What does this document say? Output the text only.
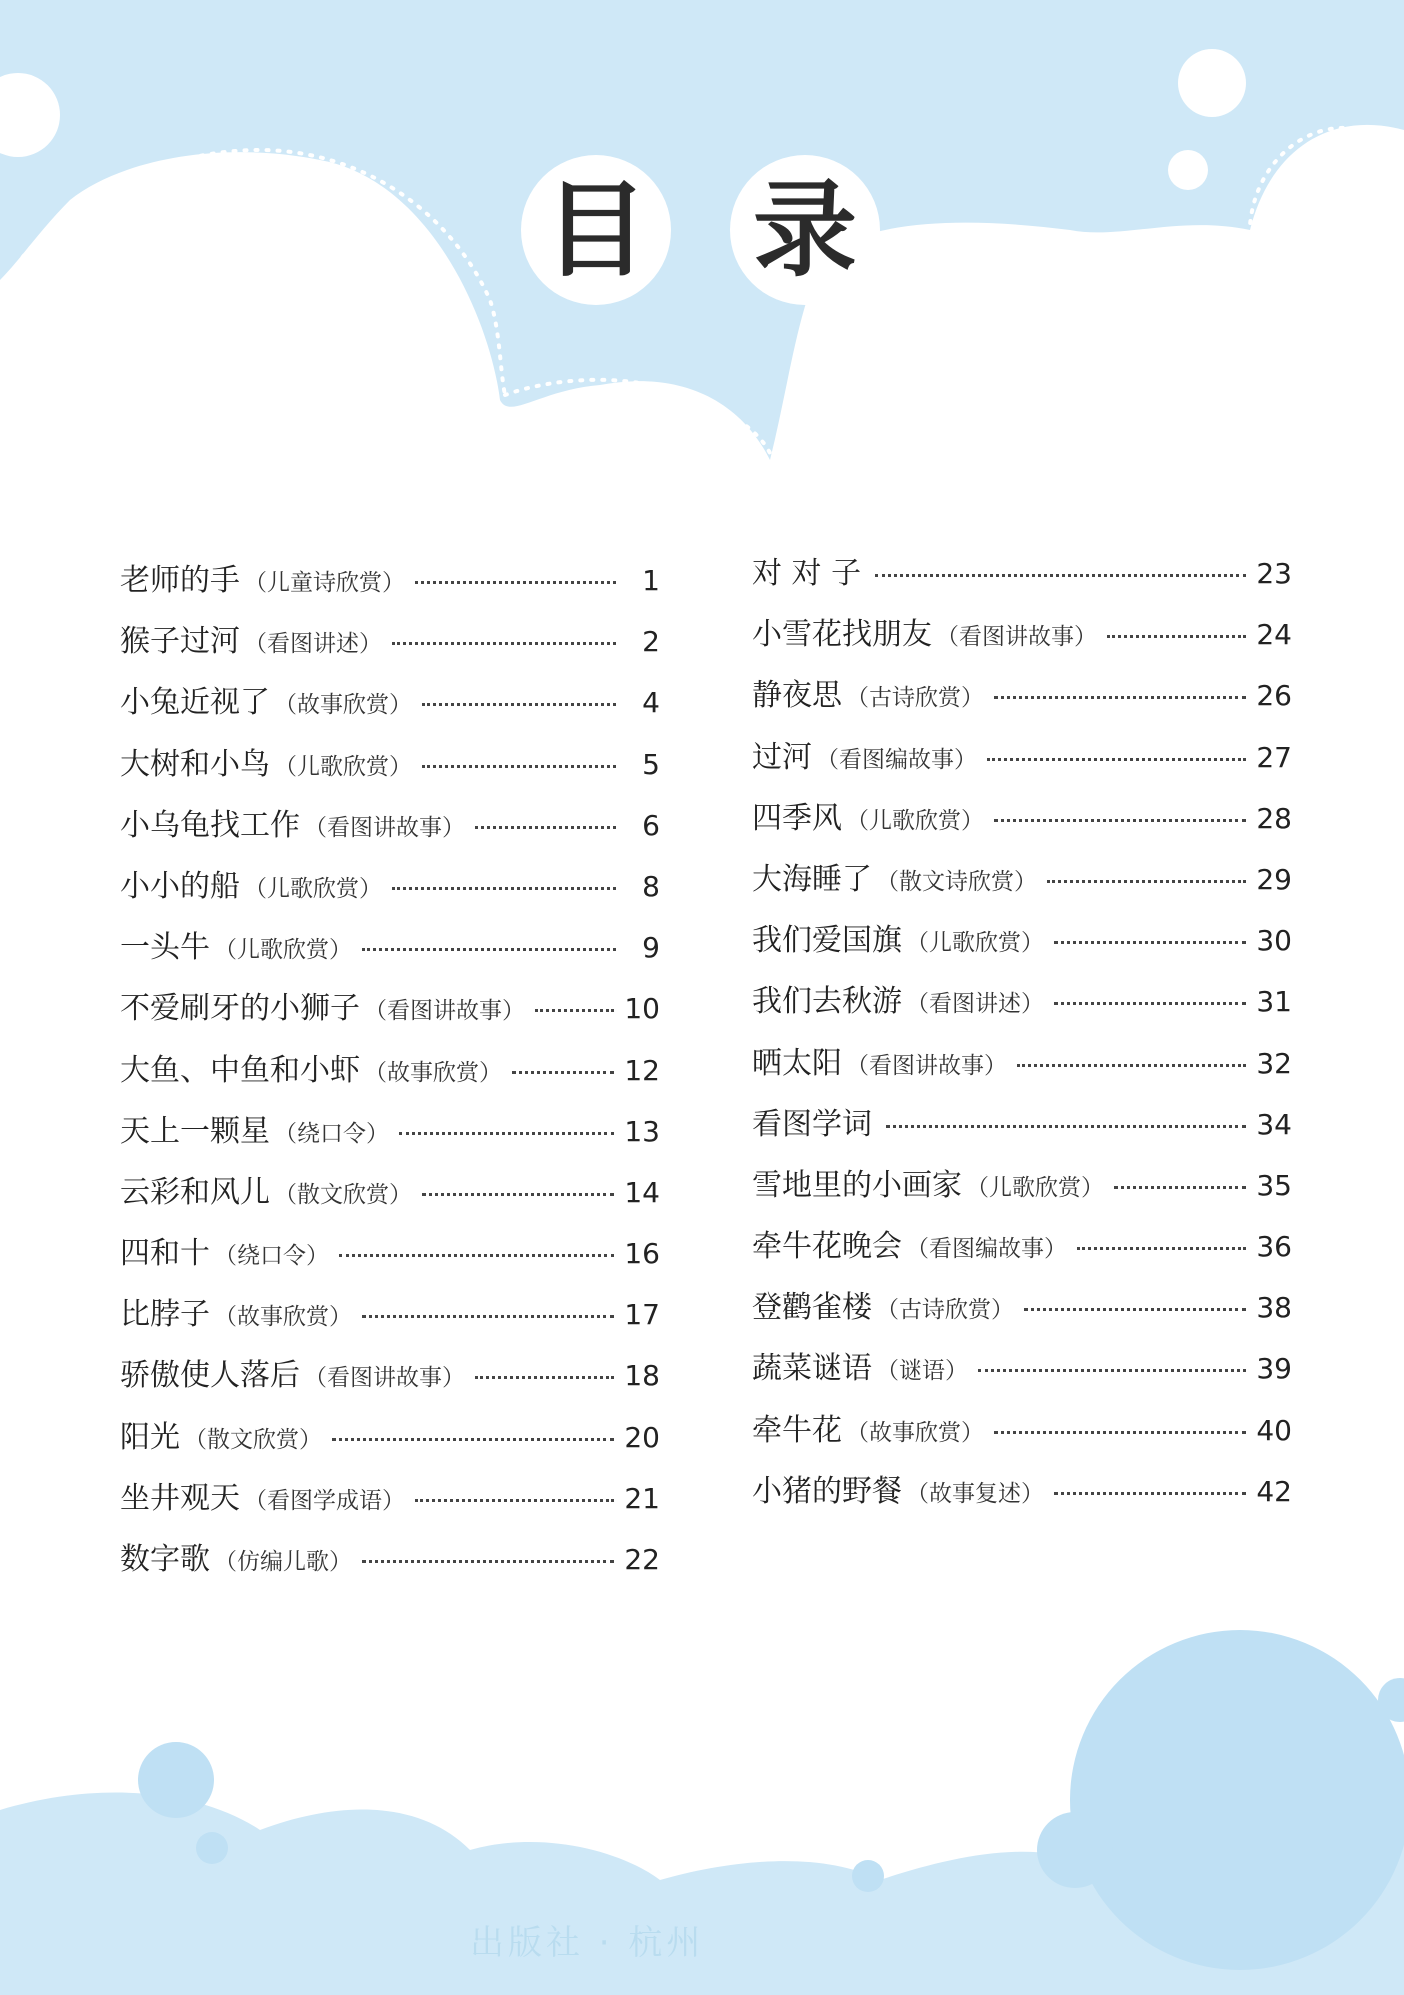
目 录
老师的手 （儿童诗欣赏）	1
猴子过河 （看图讲述）	2
小兔近视了 （故事欣赏）	4
大树和小鸟 （儿歌欣赏）	5
小乌龟找工作 （看图讲故事）	6
小小的船 （儿歌欣赏）	8
一头牛 （儿歌欣赏）	9
不爱刷牙的小狮子 （看图讲故事）	10
大鱼、中鱼和小虾 （故事欣赏）	12
天上一颗星 （绕口令）	13
云彩和风儿 （散文欣赏）	14
四和十 （绕口令）	16
比脖子 （故事欣赏）	17
骄傲使人落后 （看图讲故事）	18
阳光 （散文欣赏）	20
坐井观天 （看图学成语）	21
数字歌 （仿编儿歌）	22
对 对 子	23
小雪花找朋友 （看图讲故事）	24
静夜思 （古诗欣赏）	26
过河 （看图编故事）	27
四季风 （儿歌欣赏）	28
大海睡了 （散文诗欣赏）	29
我们爱国旗 （儿歌欣赏）	30
我们去秋游 （看图讲述）	31
晒太阳 （看图讲故事）	32
看图学词	34
雪地里的小画家 （儿歌欣赏）	35
牵牛花晚会 （看图编故事）	36
登鹳雀楼 （古诗欣赏）	38
蔬菜谜语 （谜语）	39
牵牛花 （故事欣赏）	40
小猪的野餐 （故事复述）	42
出版社 · 杭州
